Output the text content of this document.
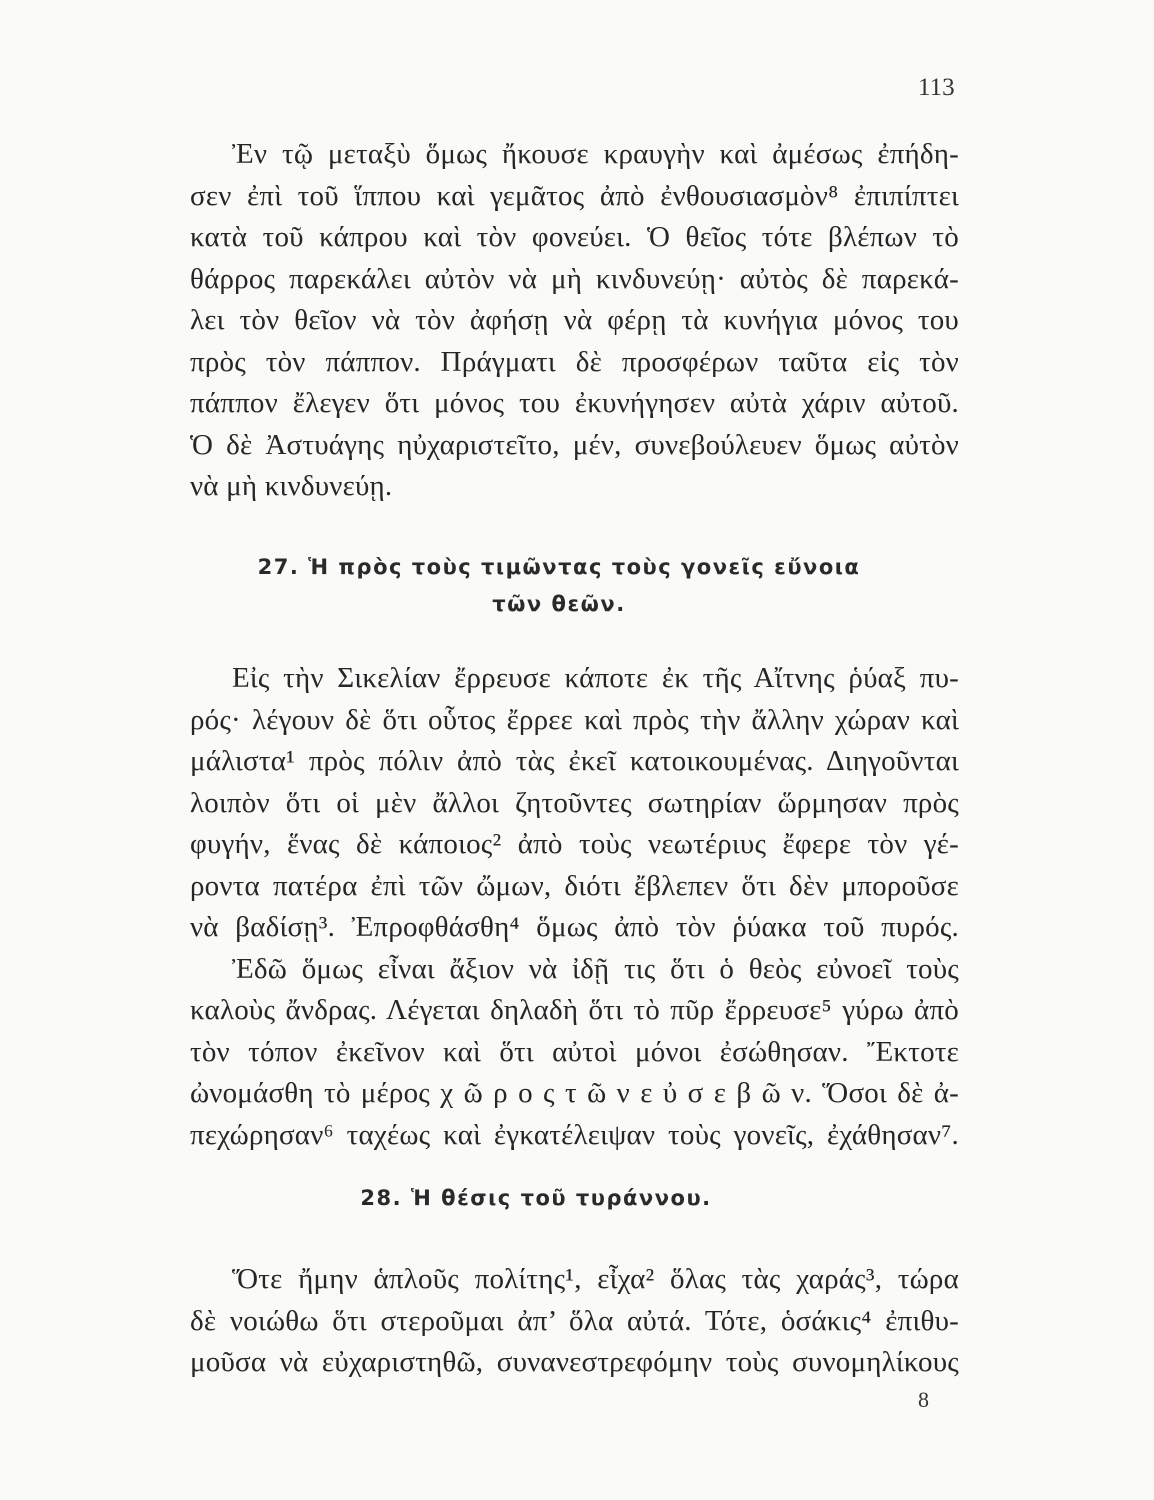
113
Ἐν τῷ μεταξὺ ὅμως ἤκουσε κραυγὴν καὶ ἀμέσως ἐπήδη-
σεν ἐπὶ τοῦ ἵππου καὶ γεμᾶτος ἀπὸ ἐνθουσιασμὸν⁸ ἐπιπίπτει
κατὰ τοῦ κάπρου καὶ τὸν φονεύει. Ὁ θεῖος τότε βλέπων τὸ
θάρρος παρεκάλει αὐτὸν νὰ μὴ κινδυνεύῃ· αὐτὸς δὲ παρεκά-
λει τὸν θεῖον νὰ τὸν ἀφήσῃ νὰ φέρῃ τὰ κυνήγια μόνος του
πρὸς τὸν πάππον. Πράγματι δὲ προσφέρων ταῦτα εἰς τὸν
πάππον ἔλεγεν ὅτι μόνος του ἐκυνήγησεν αὐτὰ χάριν αὐτοῦ.
Ὁ δὲ Ἀστυάγης ηὐχαριστεῖτο, μέν, συνεβούλευεν ὅμως αὐτὸν
νὰ μὴ κινδυνεύῃ.
27. Ἡ πρὸς τοὺς τιμῶντας τοὺς γονεῖς εὔνοια
τῶν θεῶν.
Εἰς τὴν Σικελίαν ἔρρευσε κάποτε ἐκ τῆς Αἴτνης ῥύαξ πυ-
ρός· λέγουν δὲ ὅτι οὗτος ἔρρεε καὶ πρὸς τὴν ἄλλην χώραν καὶ
μάλιστα¹ πρὸς πόλιν ἀπὸ τὰς ἐκεῖ κατοικουμένας. Διηγοῦνται
λοιπὸν ὅτι οἱ μὲν ἄλλοι ζητοῦντες σωτηρίαν ὥρμησαν πρὸς
φυγήν, ἕνας δὲ κάποιος² ἀπὸ τοὺς νεωτέριυς ἔφερε τὸν γέ-
ροντα πατέρα ἐπὶ τῶν ὤμων, διότι ἔβλεπεν ὅτι δὲν μποροῦσε
νὰ βαδίσῃ³. Ἐπροφθάσθη⁴ ὅμως ἀπὸ τὸν ῥύακα τοῦ πυρός.
Ἐδῶ ὅμως εἶναι ἄξιον νὰ ἰδῇ τις ὅτι ὁ θεὸς εὐνοεῖ τοὺς
καλοὺς ἄνδρας. Λέγεται δηλαδὴ ὅτι τὸ πῦρ ἔρρευσε⁵ γύρω ἀπὸ
τὸν τόπον ἐκεῖνον καὶ ὅτι αὐτοὶ μόνοι ἐσώθησαν. Ἔκτοτε
ὠνομάσθη τὸ μέρος χ ῶ ρ ο ς τ ῶ ν ε ὐ σ ε β ῶ ν. Ὅσοι δὲ ἀ-
πεχώρησαν⁶ ταχέως καὶ ἐγκατέλειψαν τοὺς γονεῖς, ἐχάθησαν⁷.
28. Ἡ θέσις τοῦ τυράννου.
Ὅτε ἤμην ἁπλοῦς πολίτης¹, εἶχα² ὅλας τὰς χαράς³, τώρα
δὲ νοιώθω ὅτι στεροῦμαι ἀπ’ ὅλα αὐτά. Τότε, ὁσάκις⁴ ἐπιθυ-
μοῦσα νὰ εὐχαριστηθῶ, συνανεστρεφόμην τοὺς συνομηλίκους
8
